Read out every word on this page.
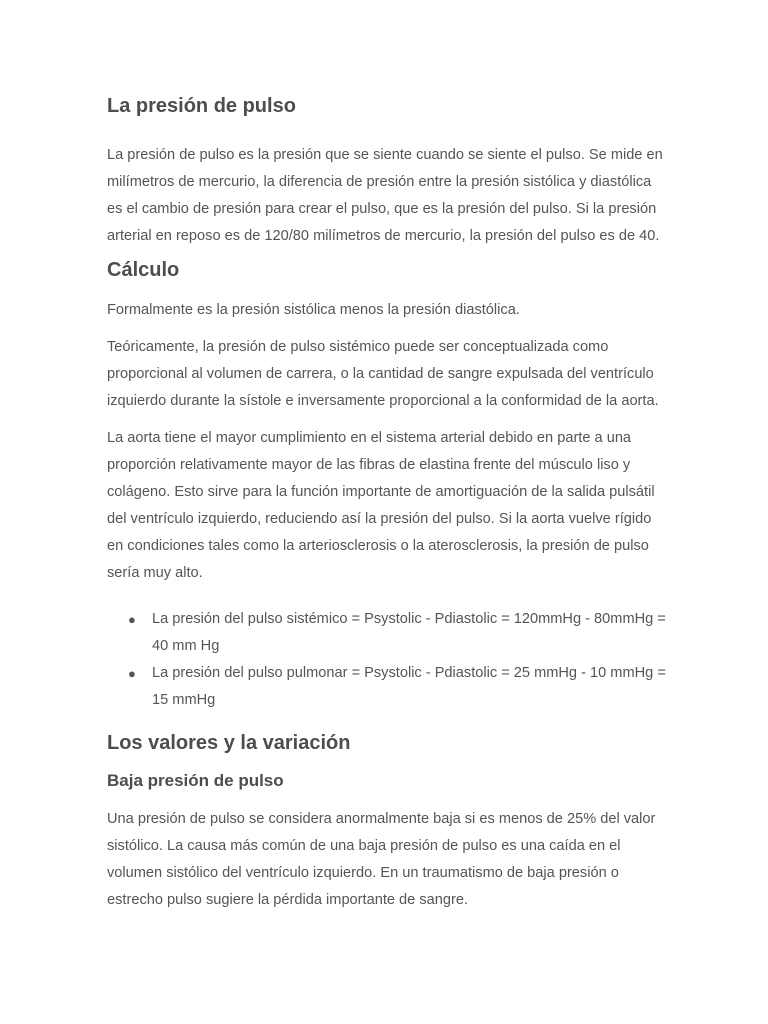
La presión de pulso

La presión de pulso es la presión que se siente cuando se siente el pulso. Se mide en milímetros de mercurio, la diferencia de presión entre la presión sistólica y diastólica es el cambio de presión para crear el pulso, que es la presión del pulso. Si la presión arterial en reposo es de 120/80 milímetros de mercurio, la presión del pulso es de 40.

Cálculo

Formalmente es la presión sistólica menos la presión diastólica.

Teóricamente, la presión de pulso sistémico puede ser conceptualizada como proporcional al volumen de carrera, o la cantidad de sangre expulsada del ventrículo izquierdo durante la sístole e inversamente proporcional a la conformidad de la aorta.

La aorta tiene el mayor cumplimiento en el sistema arterial debido en parte a una proporción relativamente mayor de las fibras de elastina frente del músculo liso y colágeno. Esto sirve para la función importante de amortiguación de la salida pulsátil del ventrículo izquierdo, reduciendo así la presión del pulso. Si la aorta vuelve rígido en condiciones tales como la arteriosclerosis o la aterosclerosis, la presión de pulso sería muy alto.

● La presión del pulso sistémico = Psystolic - Pdiastolic = 120mmHg - 80mmHg = 40 mm Hg
● La presión del pulso pulmonar = Psystolic - Pdiastolic = 25 mmHg - 10 mmHg = 15 mmHg
Los valores y la variación
Baja presión de pulso

Una presión de pulso se considera anormalmente baja si es menos de 25% del valor sistólico. La causa más común de una baja presión de pulso es una caída en el volumen sistólico del ventrículo izquierdo. En un traumatismo de baja presión o estrecho pulso sugiere la pérdida importante de sangre.
